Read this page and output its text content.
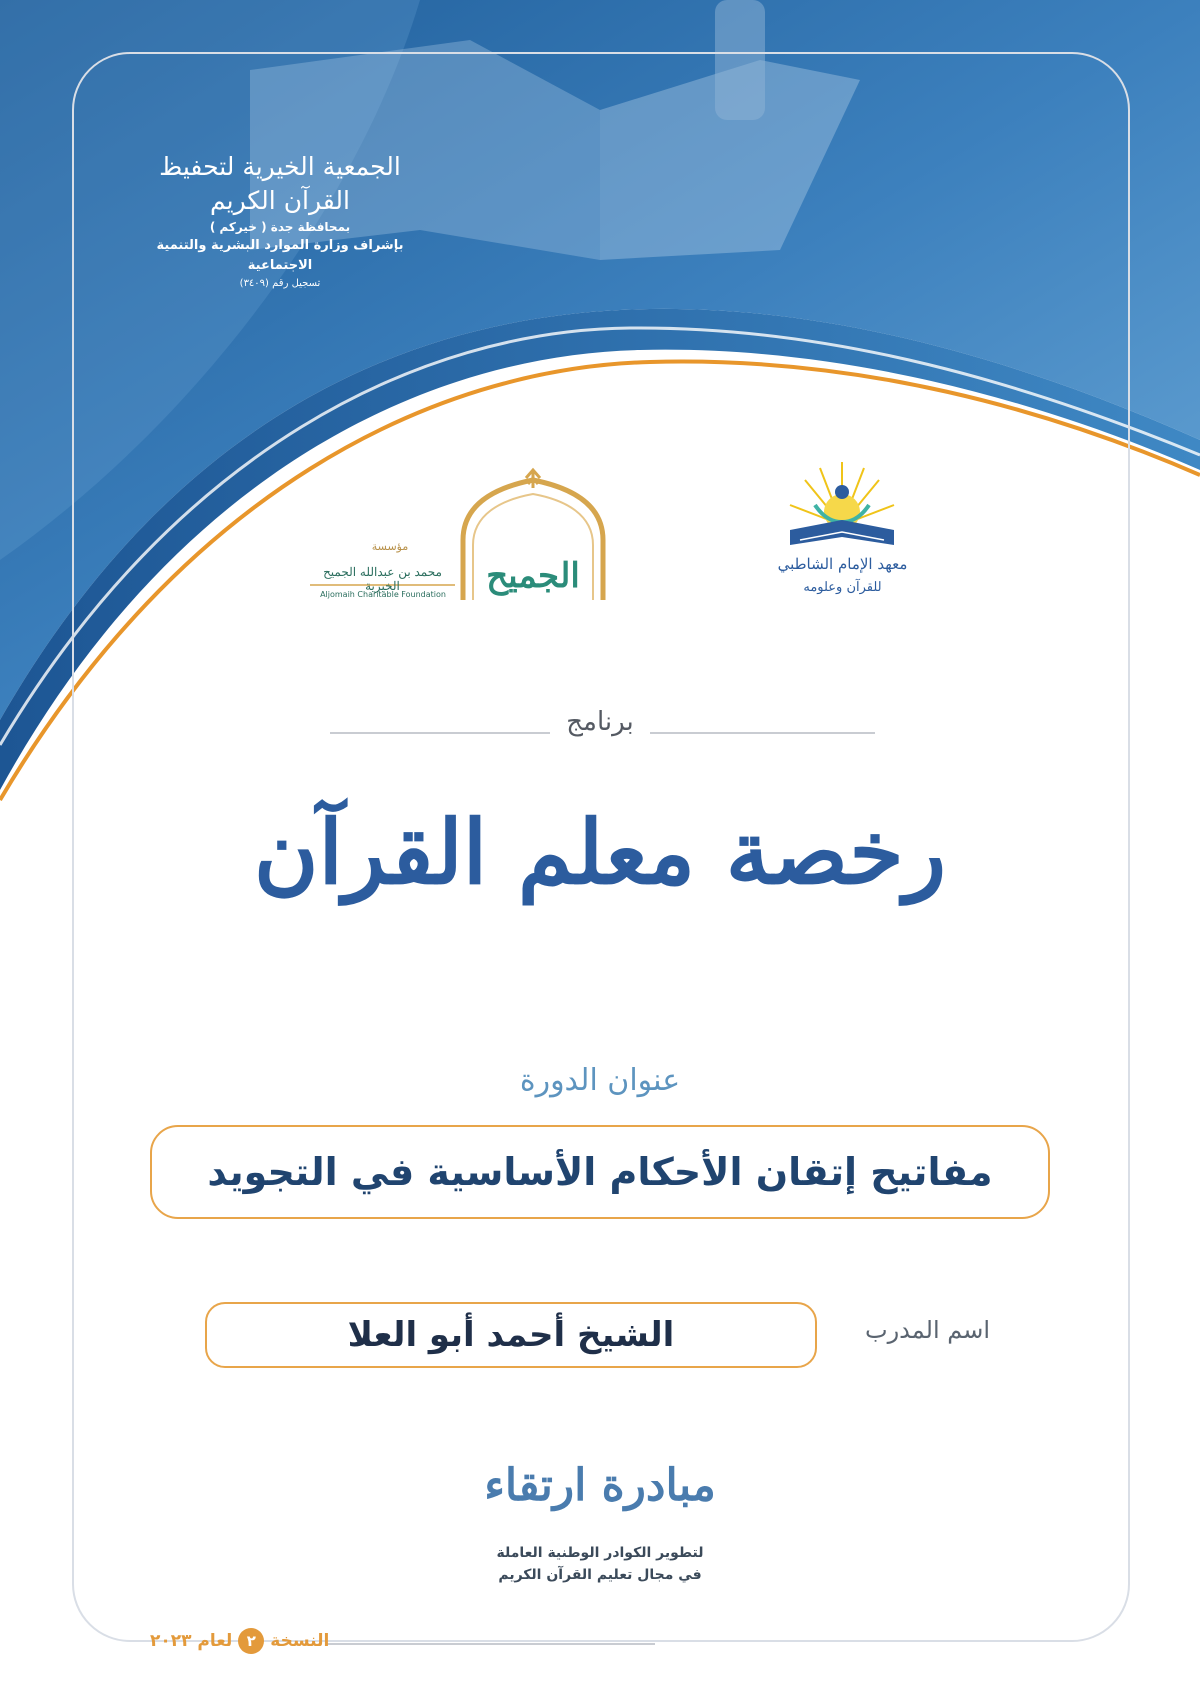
الجمعية الخيرية لتحفيظ القرآن الكريم
بمحافظة جدة ( خيركم )
بإشراف وزارة الموارد البشرية والتنمية الاجتماعية
تسجيل رقم (٣٤٠٩)
الجميح
مؤسسة
محمد بن عبدالله الجميح الخيرية
Aljomaih Charitable Foundation
معهد الإمام الشاطبي
للقرآن وعلومه
برنامج
رخصة معلم القرآن
عنوان الدورة
مفاتيح إتقان الأحكام الأساسية في التجويد
اسم المدرب
الشيخ أحمد أبو العلا
مبادرة ارتقاء
لتطوير الكوادر الوطنية العاملة
في مجال تعليم القرآن الكريم
لعام ٢٠٢٣ ٢ النسخة
